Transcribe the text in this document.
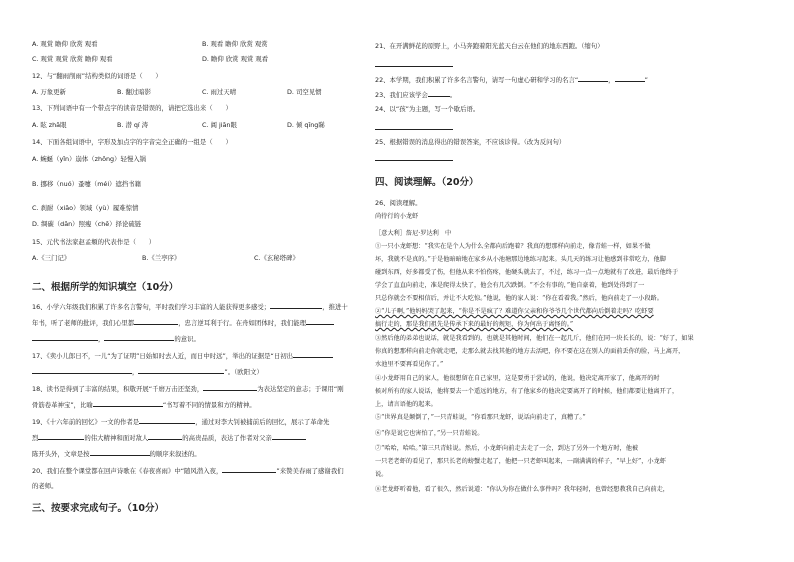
A. 观赏 瞻仰 欣赏 观看	B. 观看 瞻仰 欣赏 观赏
C. 观赏 观赏 欣赏 瞻仰 观看	D. 瞻仰 欣赏 观赏 观看
12、与“翻雨削雨”结构类似的词语是（　　）
A. 万象更新	B. 翻过暗影	C. 雨过天晴	D. 司空见惯
13、下列词语中有一个带点字的读音是错误的，请把它选出来（　　）
A. 眩 zhā眼	B. 潜 qí 涛	C. 阊 jiān眼	D. 倾 qīng睇
14、下面各组词语中，字形及加点字的字音完全正确的一组是（　　）
A. 蜿蜒（yǐn）崩体（zhōng）轻慢入锅
B. 挪移（nuó）蚤嚏（méi）遮挡书籍
C. 刹耐（xiāo）领域（yù）履难惊情
D. 绸碳（dān）照瘦（chē）择论硫链
15、元代书法家赵孟頫的代表作是（　　）
A.《三门记》	B.《兰亭序》	C.《玄秘塔碑》
二、根据所学的知识填空（10分）
16、小学六年级我们积累了许多名言警句，平时我们学习丰富的人能获得更多感受；	，推进十
年书，听了老师的批评，我们心里都	，忠言逆耳利于行。在舟如团体时，我们能理
，	的意识。
17、《卖小儿郎日不，一儿“为了证明”日始如时去人近，而日中时远”，举出的证据是“日初出
，	”。（欧阳文）
18、读书是得到了丰富的结果，积敬开展“千磨万击还坚劲，	为表达坚定的意志；于课用“刚
骨筋卷革神宝”，比喻	“书写着不同的情景和方的精神。
19、《十六年前的回忆》一文的作者是	，通过对李大钊被捕前后的回忆，展示了革命先
烈	的伟大精神和面对敌人	的高贵品质，表达了作者对父亲
陈开头外，文章是按	的顺序来叙述的。
20、我们在整个课堂都在回声诗歌在《春夜喜雨》中“随风潜入夜，	”来赞美春雨了感谢我们
的老师。
三、按要求完成句子。（10分）
21、在开满鲜花的原野上，小马奔跑着阳光蓝天白云在他们的地东西跑。（缩句）
22、本学期，我们积累了许多名言警句，请写一句虚心研和学习的名言“	，	”
23、我们应该学会	。
24、以“孩”为主题，写一个歇后语。
25、根据错误的消息得出的错误答案，不应该诊得。（改为反问句）
四、阅读理解。（20分）
26、阅读理解。
尚待行的小龙虾
［意大利］詹尼·罗达利　中
①一只小龙虾想：“我实在是个人为什么全都向后跑着？我真的想那样向前走，像青蛙一样，如果不做
坏，我就不是真的。”于是他暗暗地在家乡从小池塘那边地练习起来。头几天的练习让他感到非常吃力，他脚
碰到东西，好多都受了伤，但他从来不怕伤疼，他硬头就去了，不过，练习一点一点地就有了改进，最后他终于
学会了直直向前走，准是爬得太快了，他会有几次跌倒。“不会有事的，”他自豪着，他到处得到了一
只总你就会不要相信后，并让不大吃惊。”他说，他的家人说：“你在看着我。”然后，他向前走了一小段路。
②“儿子啊，”他妈妈哭了起来，“你是不是疯了？难道你父亲和你爷爷几个世代都向后倒着走吗？吃虾要
搞行走的，那是我们祖先是传承下来的最好的规矩，你为何出于离怪的。”
③然后他的弟弟也说话，就是我看到的，也就是其他时间，他们在一起几斤，他们在同一块长长的，说：“好了，如果
你真的想那样向前走你就走吧，走那么就去找其他的地方去活吧，你不要在这在别人的面前丢你的脸，马上离开，
水池里不要再看见你了。”
④小龙虾用自己的家人，他很想留在自己家里，这是要勇于尝试的，他说，他决定离开家了，他离开的时
候对所有的家人说话，他将要去一个遥远的地方，有了他家乡的他决定要离开了的时候，他们都要让他离开了，
上，请言语他的起来。
⑤“世界真是颠倒了，”一只青蛙说，“你看那只龙虾，说话向前走了，真糟了。”
⑥“你是说它也害怕了，”另一只青蛙说。
⑦“哈哈，哈哈。”第三只青蛙说。然后，小龙虾向前走去走了一会，到达了另外一个地方时，他被
一只老老虾的看见了，那只长老的螃蟹走起了，他把一只老虾叫起来，一副满满的样子，“早上好”，小龙虾
说。
⑧老龙虾听着他，看了很久，然后说道：“你认为你在做什么事件吗？我年轻时，也曾经想教我自己向前走，
